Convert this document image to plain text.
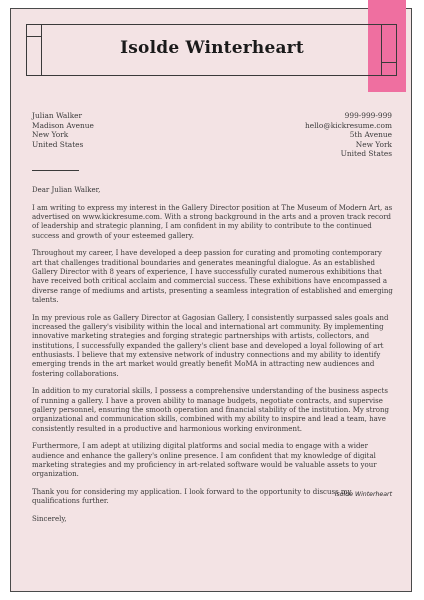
Isolde Winterheart
Julian Walker
Madison Avenue
New York
United States
999-999-999
hello@kickresume.com
5th Avenue
New York
United States

Dear Julian Walker,

I am writing to express my interest in the Gallery Director position at The Museum of Modern Art, as advertised on www.kickresume.com. With a strong background in the arts and a proven track record of leadership and strategic planning, I am confident in my ability to contribute to the continued success and growth of your esteemed gallery.

Throughout my career, I have developed a deep passion for curating and promoting contemporary art that challenges traditional boundaries and generates meaningful dialogue. As an established Gallery Director with 8 years of experience, I have successfully curated numerous exhibitions that have received both critical acclaim and commercial success. These exhibitions have encompassed a diverse range of mediums and artists, presenting a seamless integration of established and emerging talents.

In my previous role as Gallery Director at Gagosian Gallery, I consistently surpassed sales goals and increased the gallery's visibility within the local and international art community. By implementing innovative marketing strategies and forging strategic partnerships with artists, collectors, and institutions, I successfully expanded the gallery's client base and developed a loyal following of art enthusiasts. I believe that my extensive network of industry connections and my ability to identify emerging trends in the art market would greatly benefit MoMA in attracting new audiences and fostering collaborations.

In addition to my curatorial skills, I possess a comprehensive understanding of the business aspects of running a gallery. I have a proven ability to manage budgets, negotiate contracts, and supervise gallery personnel, ensuring the smooth operation and financial stability of the institution. My strong organizational and communication skills, combined with my ability to inspire and lead a team, have consistently resulted in a productive and harmonious working environment.

Furthermore, I am adept at utilizing digital platforms and social media to engage with a wider audience and enhance the gallery's online presence. I am confident that my knowledge of digital marketing strategies and my proficiency in art-related software would be valuable assets to your organization.

Thank you for considering my application. I look forward to the opportunity to discuss my qualifications further.

Sincerely,

Isolde Winterheart
